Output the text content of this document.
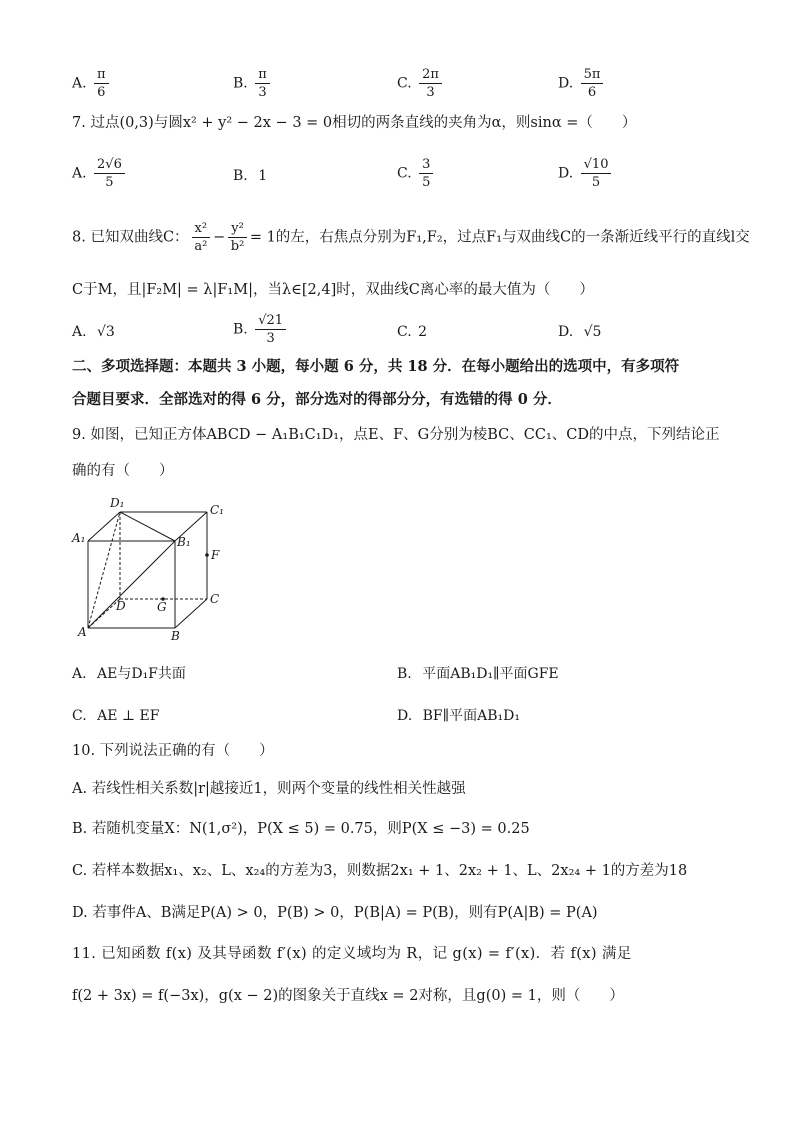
A. $\frac{\pi}{6}$	B. $\frac{\pi}{3}$	C. $\frac{2\pi}{3}$	D. $\frac{5\pi}{6}$
7. 过点(0,3)与圆x² + y² − 2x − 3 = 0相切的两条直线的夹角为α，则sinα =（　　）
A. $\frac{2√6}{5}$	B. 1	C. $\frac{3}{5}$	D. $\frac{√10}{5}$
8. 已知双曲线C： $\frac{\text{x²}}{\text{a²}} - \frac{\text{y²}}{\text{b²}} = 1$的左，右焦点分别为F₁,F₂，过点F₁与双曲线C的一条渐近线平行的直线l交
C于M，且|F₂M| = λ|F₁M|，当λ∈[2,4]时，双曲线C离心率的最大值为（　　）
A. √3	B. $\frac{√21}{3}$	C. 2	D. √5
二、多项选择题：本题共 3 小题，每小题 6 分，共 18 分．在每小题给出的选项中，有多项符
合题目要求．全部选对的得 6 分，部分选对的得部分分，有选错的得 0 分．
9. 如图，已知正方体ABCD − A₁B₁C₁D₁，点E、F、G分别为棱BC、CC₁、CD的中点，下列结论正
确的有（　　）
D₁	C₁
A₁	B₁
F
D	G
C
A	B
A. AE与D₁F共面	B. 平面AB₁D₁∥平面GFE
C. AE ⊥ EF	D. BF∥平面AB₁D₁
10. 下列说法正确的有（　　）
A. 若线性相关系数|r|越接近1，则两个变量的线性相关性越强
B. 若随机变量X：N(1,σ²)，P(X ≤ 5) = 0.75，则P(X ≤ −3) = 0.25
C. 若样本数据x₁、x₂、L、x₂₄的方差为3，则数据2x₁ + 1、2x₂ + 1、L、2x₂₄ + 1的方差为18
D. 若事件A、B满足P(A) > 0，P(B) > 0，P(B|A) = P(B)，则有P(A|B) = P(A)
11. 已知函数 f(x) 及其导函数 f′(x) 的定义域均为 R，记 g(x) = f′(x)．若 f(x) 满足
f(2 + 3x) = f(−3x)，g(x − 2)的图象关于直线x = 2对称，且g(0) = 1，则（　　）
